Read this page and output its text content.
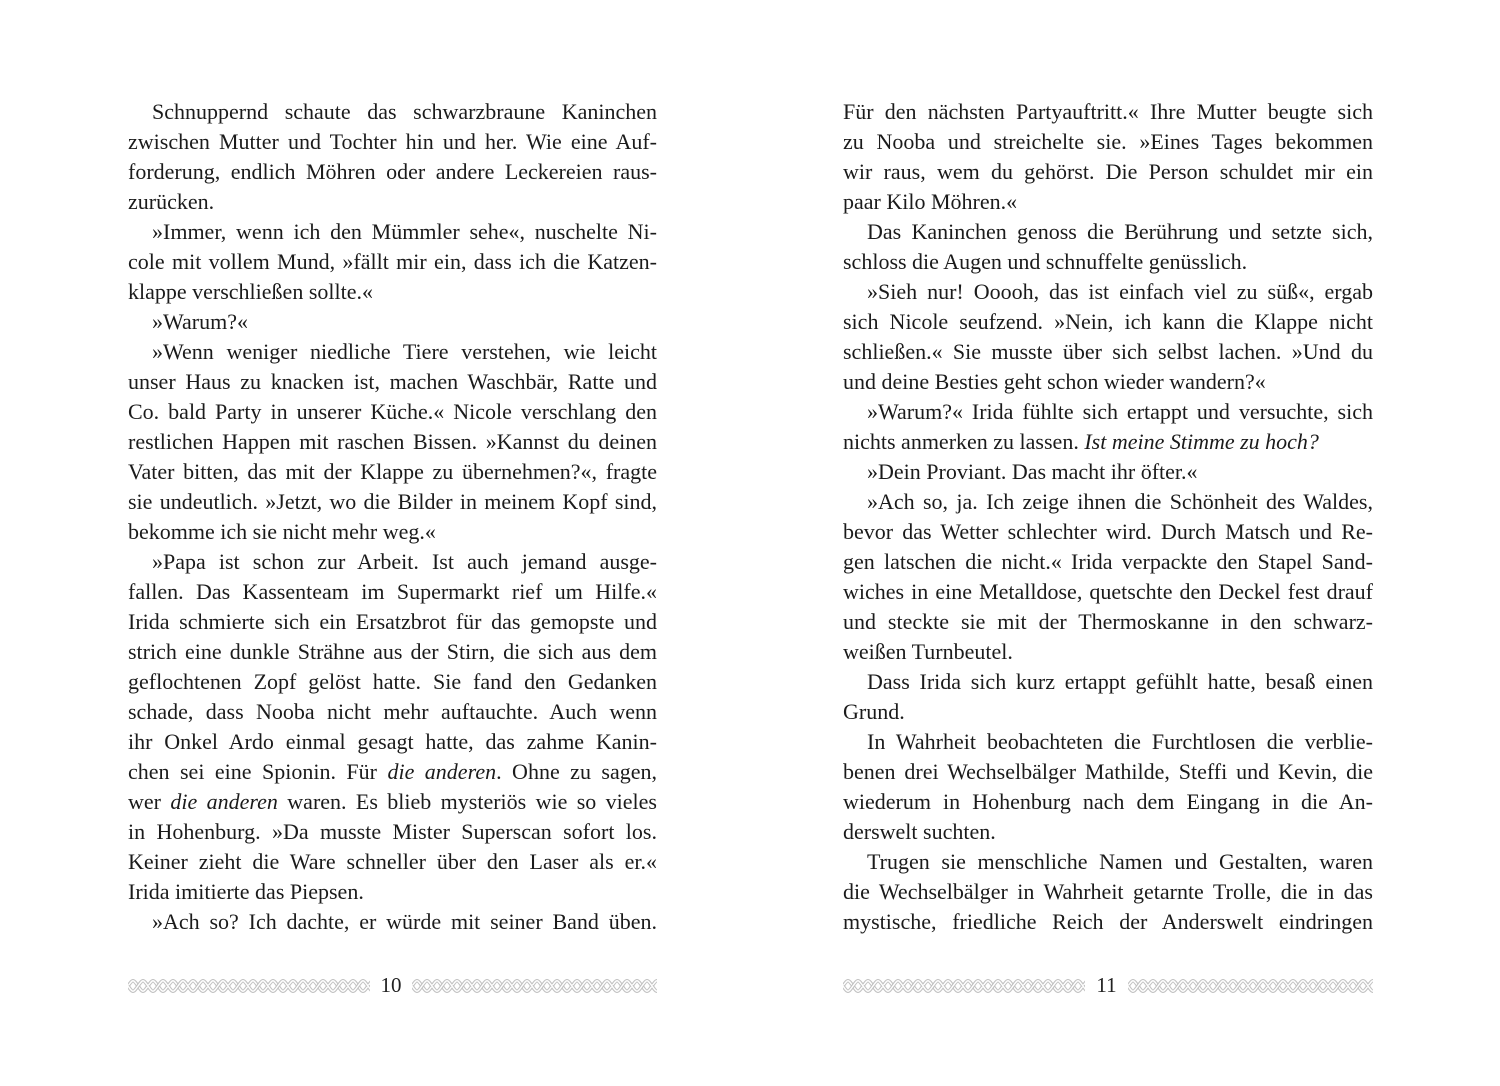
Schnuppernd schaute das schwarzbraune Kaninchen
zwischen Mutter und Tochter hin und her. Wie eine Auf-
forderung, endlich Möhren oder andere Leckereien raus-
zurücken.
»Immer, wenn ich den Mümmler sehe«, nuschelte Ni-
cole mit vollem Mund, »fällt mir ein, dass ich die Katzen-
klappe verschließen sollte.«
»Warum?«
»Wenn weniger niedliche Tiere verstehen, wie leicht
unser Haus zu knacken ist, machen Waschbär, Ratte und
Co. bald Party in unserer Küche.« Nicole verschlang den
restlichen Happen mit raschen Bissen. »Kannst du deinen
Vater bitten, das mit der Klappe zu übernehmen?«, fragte
sie undeutlich. »Jetzt, wo die Bilder in meinem Kopf sind,
bekomme ich sie nicht mehr weg.«
»Papa ist schon zur Arbeit. Ist auch jemand ausge-
fallen. Das Kassenteam im Supermarkt rief um Hilfe.«
Irida schmierte sich ein Ersatzbrot für das gemopste und
strich eine dunkle Strähne aus der Stirn, die sich aus dem
geflochtenen Zopf gelöst hatte. Sie fand den Gedanken
schade, dass Nooba nicht mehr auftauchte. Auch wenn
ihr Onkel Ardo einmal gesagt hatte, das zahme Kanin-
chen sei eine Spionin. Für die anderen. Ohne zu sagen,
wer die anderen waren. Es blieb mysteriös wie so vieles
in Hohenburg. »Da musste Mister Superscan sofort los.
Keiner zieht die Ware schneller über den Laser als er.«
Irida imitierte das Piepsen.
»Ach so? Ich dachte, er würde mit seiner Band üben.
10
Für den nächsten Partyauftritt.« Ihre Mutter beugte sich
zu Nooba und streichelte sie. »Eines Tages bekommen
wir raus, wem du gehörst. Die Person schuldet mir ein
paar Kilo Möhren.«
Das Kaninchen genoss die Berührung und setzte sich,
schloss die Augen und schnuffelte genüsslich.
»Sieh nur! Ooooh, das ist einfach viel zu süß«, ergab
sich Nicole seufzend. »Nein, ich kann die Klappe nicht
schließen.« Sie musste über sich selbst lachen. »Und du
und deine Besties geht schon wieder wandern?«
»Warum?« Irida fühlte sich ertappt und versuchte, sich
nichts anmerken zu lassen. Ist meine Stimme zu hoch?
»Dein Proviant. Das macht ihr öfter.«
»Ach so, ja. Ich zeige ihnen die Schönheit des Waldes,
bevor das Wetter schlechter wird. Durch Matsch und Re-
gen latschen die nicht.« Irida verpackte den Stapel Sand-
wiches in eine Metalldose, quetschte den Deckel fest drauf
und steckte sie mit der Thermoskanne in den schwarz-
weißen Turnbeutel.
Dass Irida sich kurz ertappt gefühlt hatte, besaß einen
Grund.
In Wahrheit beobachteten die Furchtlosen die verblie-
benen drei Wechselbälger Mathilde, Steffi und Kevin, die
wiederum in Hohenburg nach dem Eingang in die An-
derswelt suchten.
Trugen sie menschliche Namen und Gestalten, waren
die Wechselbälger in Wahrheit getarnte Trolle, die in das
mystische, friedliche Reich der Anderswelt eindringen
11
